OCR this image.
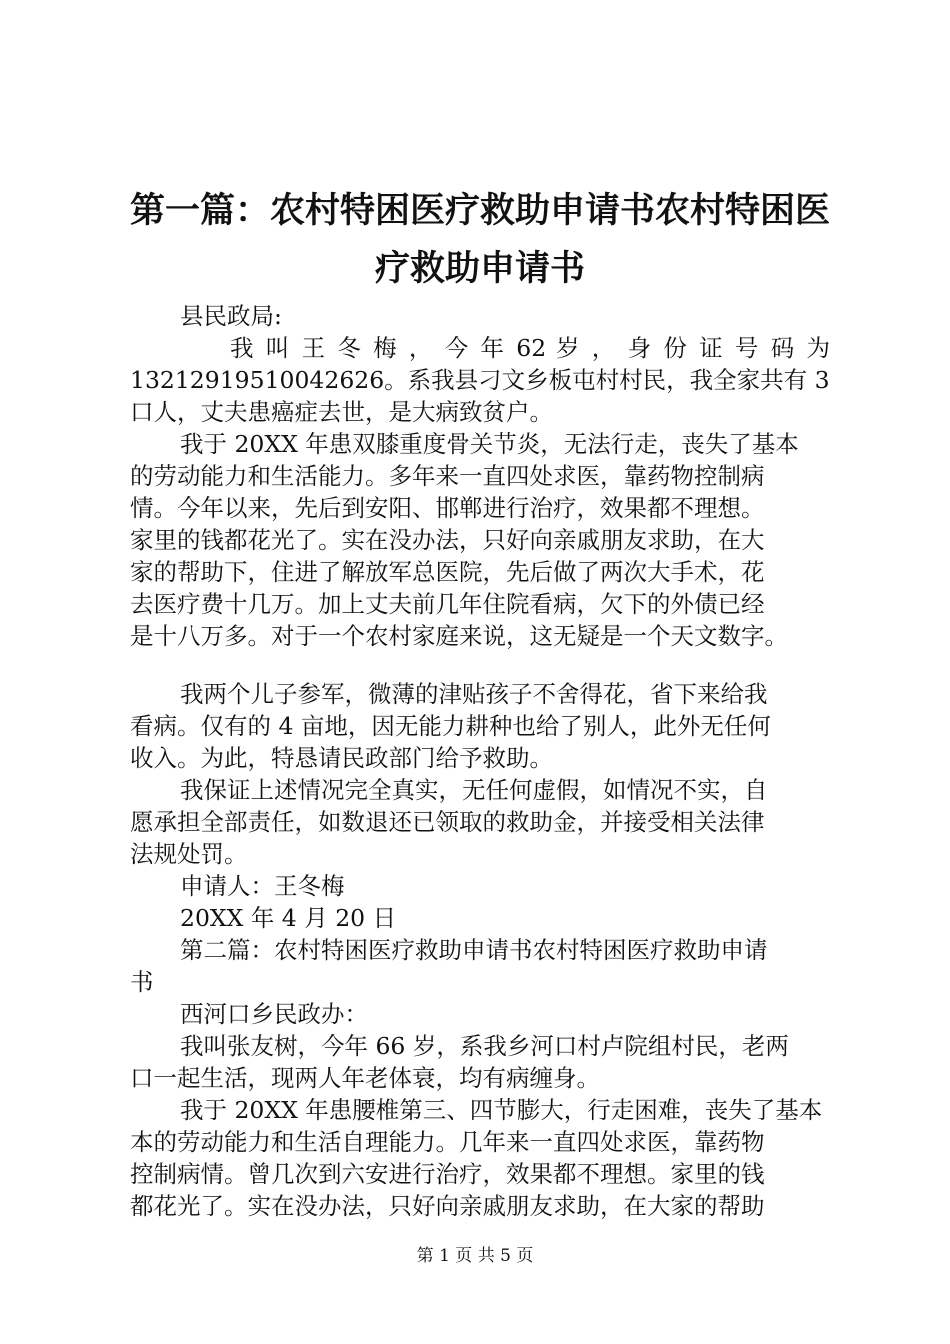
第一篇：农村特困医疗救助申请书农村特困医
疗救助申请书
县民政局:
我 叫 王 冬 梅 ， 今 年 62 岁 ， 身 份 证 号 码 为
13212919510042626。系我县刁文乡板屯村村民，我全家共有 3
口人，丈夫患癌症去世，是大病致贫户。
我于 20XX 年患双膝重度骨关节炎，无法行走，丧失了基本
的劳动能力和生活能力。多年来一直四处求医，靠药物控制病
情。今年以来，先后到安阳、邯郸进行治疗，效果都不理想。
家里的钱都花光了。实在没办法，只好向亲戚朋友求助，在大
家的帮助下，住进了解放军总医院，先后做了两次大手术，花
去医疗费十几万。加上丈夫前几年住院看病，欠下的外债已经
是十八万多。对于一个农村家庭来说，这无疑是一个天文数字。
我两个儿子参军，微薄的津贴孩子不舍得花，省下来给我
看病。仅有的 4 亩地，因无能力耕种也给了别人，此外无任何
收入。为此，特恳请民政部门给予救助。
我保证上述情况完全真实，无任何虚假，如情况不实，自
愿承担全部责任，如数退还已领取的救助金，并接受相关法律
法规处罚。
申请人：王冬梅
20XX 年 4 月 20 日
第二篇：农村特困医疗救助申请书农村特困医疗救助申请
书
西河口乡民政办：
我叫张友树，今年 66 岁，系我乡河口村卢院组村民，老两
口一起生活，现两人年老体衰，均有病缠身。
我于 20XX 年患腰椎第三、四节膨大，行走困难，丧失了基本
本的劳动能力和生活自理能力。几年来一直四处求医，靠药物
控制病情。曾几次到六安进行治疗，效果都不理想。家里的钱
都花光了。实在没办法，只好向亲戚朋友求助，在大家的帮助
第 1 页 共 5 页
